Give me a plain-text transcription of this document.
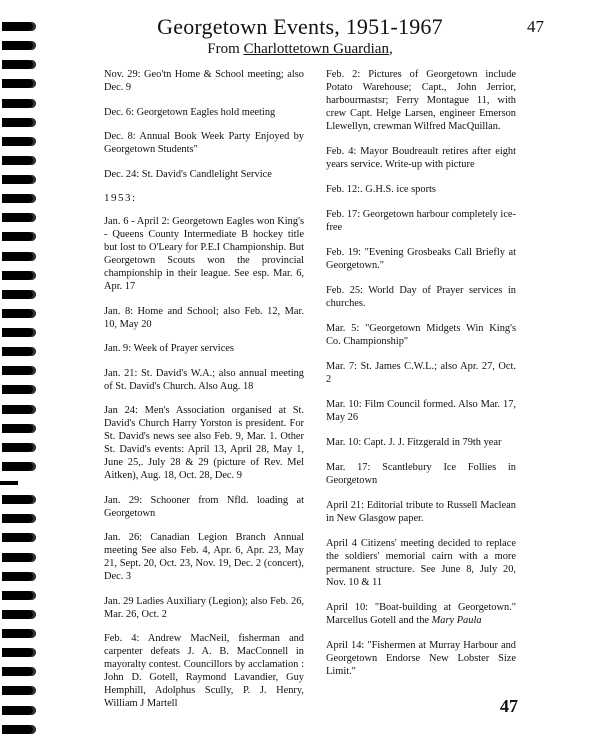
Georgetown Events, 1951-1967
From Charlottetown Guardian,
47
Nov. 29: Geo'tn Home & School meeting; also Dec. 9
Dec. 6: Georgetown Eagles hold meeting
Dec. 8: Annual Book Week Party Enjoyed by Georgetown Students"
Dec. 24: St. David's Candlelight Service
1953:
Jan. 6 - April 2: Georgetown Eagles won King's - Queens County Intermediate B hockey title but lost to O'Leary for P.E.I Championship. But Georgetown Scouts won the provincial championship in their league. See esp. Mar. 6, Apr. 17
Jan. 8: Home and School; also Feb. 12, Mar. 10, May 20
Jan. 9: Week of Prayer services
Jan. 21: St. David's W.A.; also annual meeting of St. David's Church. Also Aug. 18
Jan 24: Men's Association organised at St. David's Church Harry Yorston is president. For St. David's news see also Feb. 9, Mar. 1. Other St. David's events: April 13, April 28, May 1, June 25,. July 28 & 29 (picture of Rev. Mel Aitken), Aug. 18, Oct. 28, Dec. 9
Jan. 29: Schooner from Nfld. loading at Georgetown
Jan. 26: Canadian Legion Branch Annual meeting See also Feb. 4, Apr. 6, Apr. 23, May 21, Sept. 20, Oct. 23, Nov. 19, Dec. 2 (concert), Dec. 3
Jan. 29 Ladies Auxiliary (Legion); also Feb. 26, Mar. 26, Oct. 2
Feb. 4: Andrew MacNeil, fisherman and carpenter defeats J. A. B. MacConnell in mayoralty contest. Councillors by acclamation : John D. Gotell, Raymond Lavandier, Guy Hemphill, Adolphus Scully, P. J. Henry, William J Martell
Feb. 2: Pictures of Georgetown include Potato Warehouse; Capt., John Jerrior, harbourmastsr; Ferry Montague 11, with crew Capt. Helge Larsen, engineer Emerson Llewellyn, crewman Wilfred MacQuillan.
Feb. 4: Mayor Boudreault retires after eight years service. Write-up with picture
Feb. 12:. G.H.S. ice sports
Feb. 17: Georgetown harbour completely ice-free
Feb. 19: "Evening Grosbeaks Call Briefly at Georgetown."
Feb. 25: World Day of Prayer services in churches.
Mar. 5: "Georgetown Midgets Win King's Co. Championship"
Mar. 7: St. James C.W.L.; also Apr. 27, Oct. 2
Mar. 10: Film Council formed. Also Mar. 17, May 26
Mar. 10: Capt. J. J. Fitzgerald in 79th year
Mar. 17: Scantlebury Ice Follies in Georgetown
April 21: Editorial tribute to Russell Maclean in New Glasgow paper.
April 4 Citizens' meeting decided to replace the soldiers' memorial cairn with a more permanent structure. See June 8, July 20, Nov. 10 & 11
April 10: "Boat-building at Georgetown." Marcellus Gotell and the Mary Paula
April 14: "Fishermen at Murray Harbour and Georgetown Endorse New Lobster Size Limit."
47
